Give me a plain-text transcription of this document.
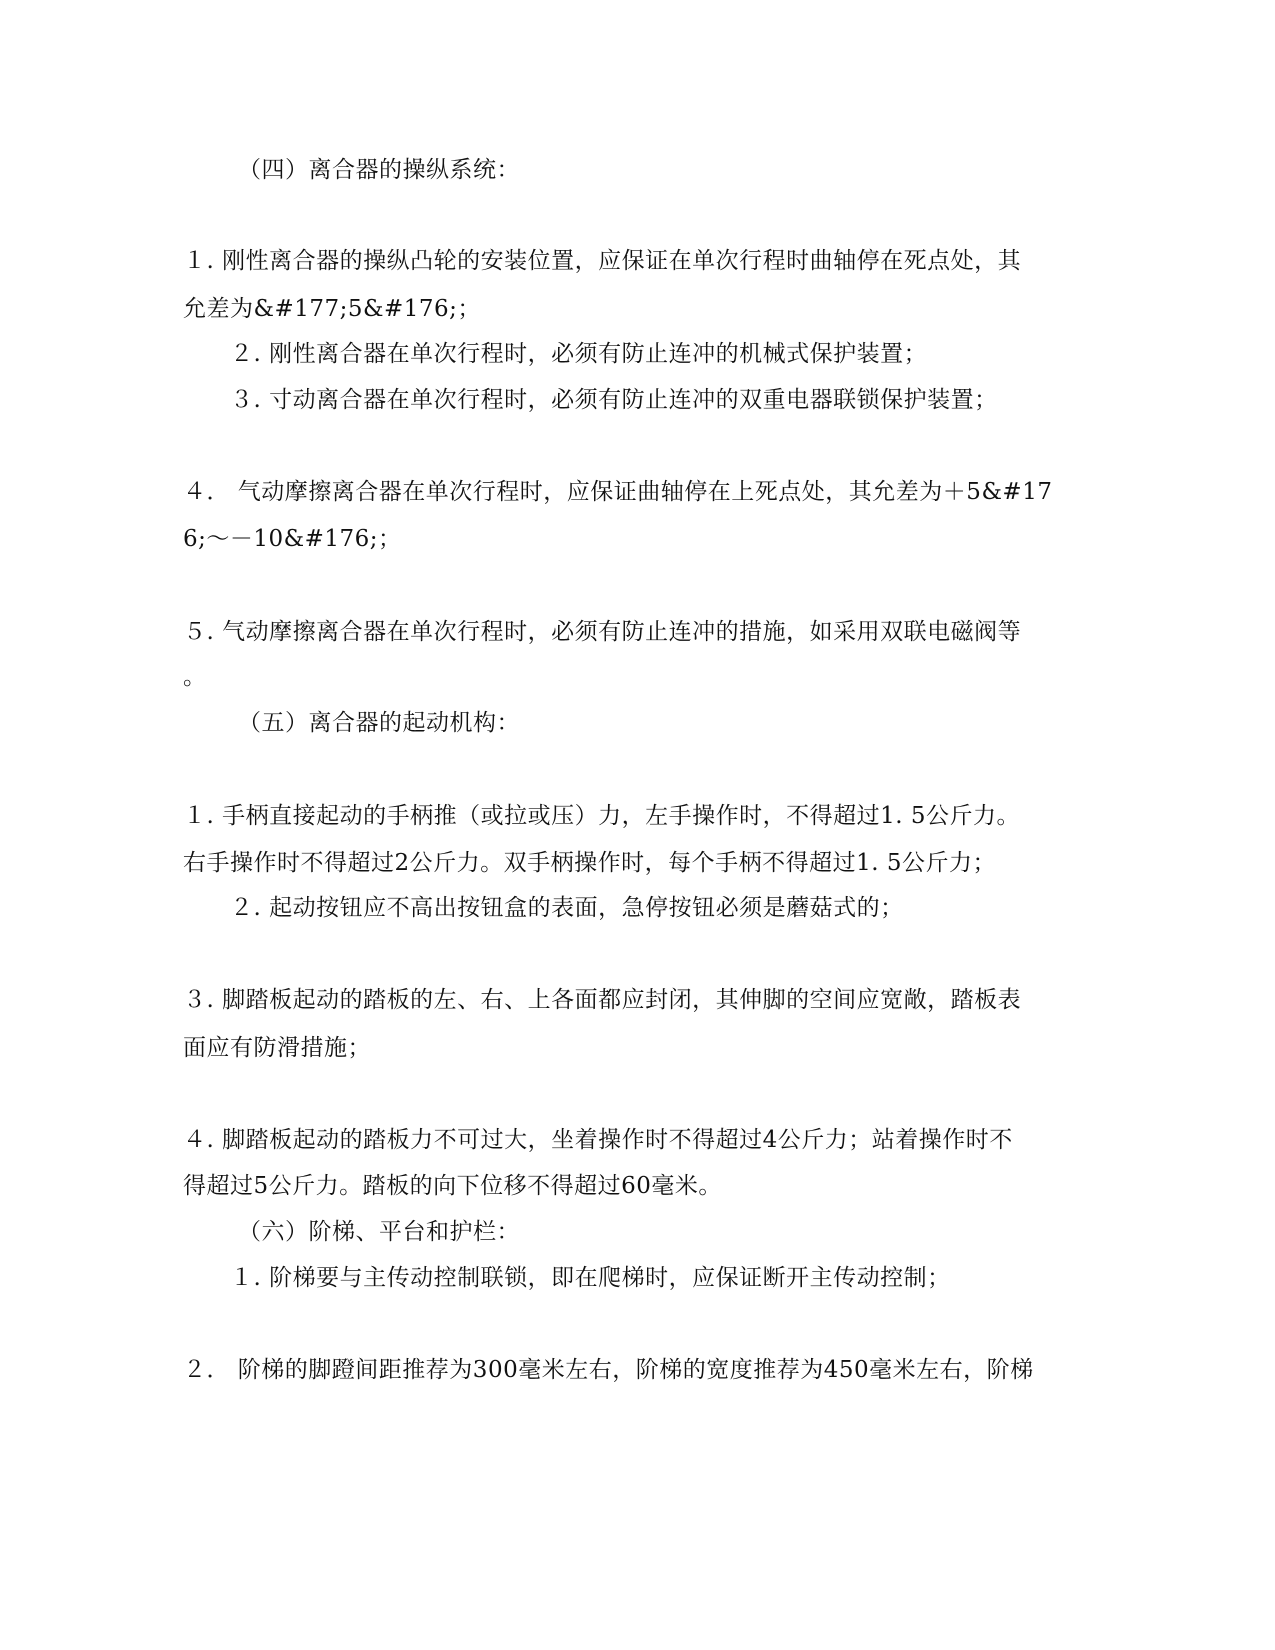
（四）离合器的操纵系统：
１. 刚性离合器的操纵凸轮的安装位置，应保证在单次行程时曲轴停在死点处，其
允差为&#177;5&#176;；
２. 刚性离合器在单次行程时，必须有防止连冲的机械式保护装置；
３. 寸动离合器在单次行程时，必须有防止连冲的双重电器联锁保护装置；
４． 气动摩擦离合器在单次行程时，应保证曲轴停在上死点处，其允差为＋5&#17
6;～－10&#176;；
５. 气动摩擦离合器在单次行程时，必须有防止连冲的措施，如采用双联电磁阀等
。
（五）离合器的起动机构：
１. 手柄直接起动的手柄推（或拉或压）力，左手操作时，不得超过1. 5公斤力。
右手操作时不得超过2公斤力。双手柄操作时，每个手柄不得超过1. 5公斤力；
２. 起动按钮应不高出按钮盒的表面，急停按钮必须是蘑菇式的；
３. 脚踏板起动的踏板的左、右、上各面都应封闭，其伸脚的空间应宽敞，踏板表
面应有防滑措施；
４. 脚踏板起动的踏板力不可过大，坐着操作时不得超过4公斤力；站着操作时不
得超过5公斤力。踏板的向下位移不得超过60毫米。
（六）阶梯、平台和护栏：
１. 阶梯要与主传动控制联锁，即在爬梯时，应保证断开主传动控制；
２． 阶梯的脚蹬间距推荐为300毫米左右，阶梯的宽度推荐为450毫米左右，阶梯
